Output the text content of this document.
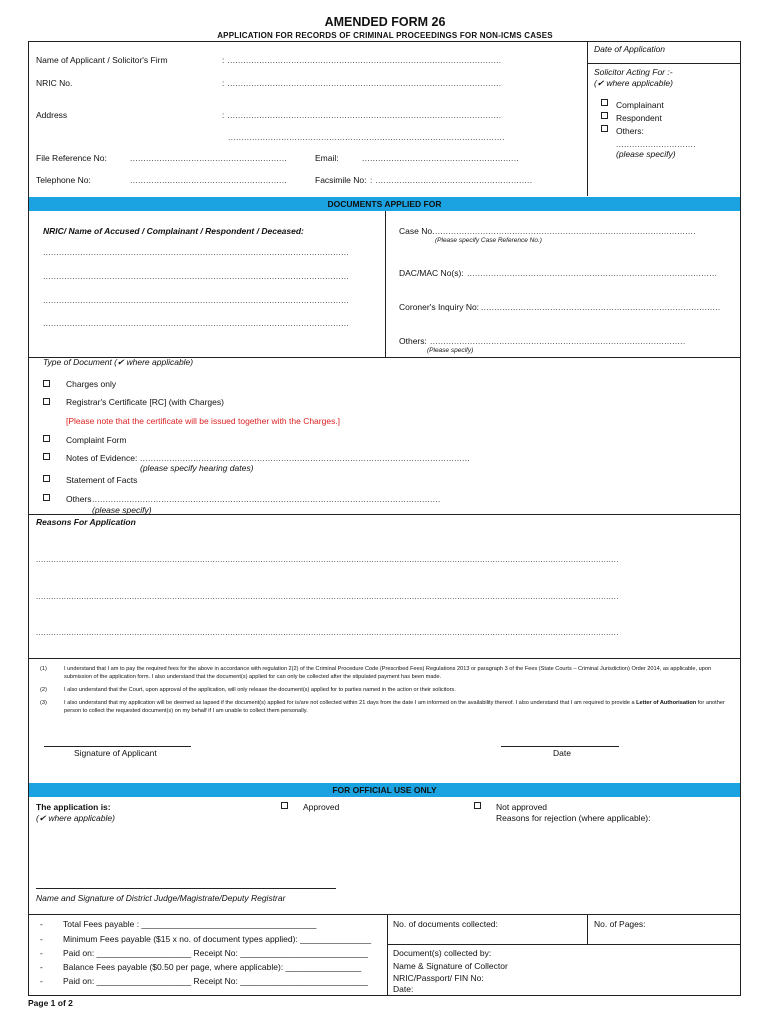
AMENDED FORM 26
APPLICATION FOR RECORDS OF CRIMINAL PROCEEDINGS FOR NON-ICMS CASES
Name of Applicant / Solicitor's Firm	: .......................................................................................................
NRIC No.	: .......................................................................................................
Address	: .......................................................................................................
........................................................................................................
File Reference No:	...........................................................	Email:	...........................................................
Telephone No:	...........................................................	Facsimile No: : ...........................................................
Date of Application
Solicitor Acting For :-
(✔ where applicable)
Complainant
Respondent
Others:
..............................
(please specify)
DOCUMENTS APPLIED FOR
NRIC/ Name of Accused / Complainant / Respondent / Deceased:
...................................................................................................................
...................................................................................................................
...................................................................................................................
...................................................................................................................
Case No. ..................................................................................................
(Please specify Case Reference No.)
DAC/MAC No(s): ..............................................................................................
Coroner's Inquiry No: ..........................................................................................
Others: ................................................................................................
(Please specify)
Type of Document (✔ where applicable)
Charges only
Registrar's Certificate [RC] (with Charges)
[Please note that the certificate will be issued together with the Charges.]
Complaint Form
Notes of Evidence: ............................................................................................................................
(please specify hearing dates)
Statement of Facts
Others ...................................................................................................................................
(please specify)
Reasons For Application
.......................................................................................................................................................................................................................................
.......................................................................................................................................................................................................................................
.......................................................................................................................................................................................................................................
(1)	I understand that I am to pay the required fees for the above in accordance with regulation 2(2) of the Criminal Procedure Code (Prescribed Fees) Regulations 2013 or paragraph 3 of the Fees (State Courts – Criminal Jurisdiction) Order 2014, as applicable, upon submission of the application form. I also understand that the document(s) applied for can only be collected after the stipulated payment has been made.
(2)	I also understand that the Court, upon approval of the application, will only release the document(s) applied for to parties named in the action or their solicitors.
(3)	I also understand that my application will be deemed as lapsed if the document(s) applied for is/are not collected within 21 days from the date I am informed on the availability thereof. I also understand that I am required to provide a Letter of Authorisation for another person to collect the requested document(s) on my behalf if I am unable to collect them personally.
Signature of Applicant	Date
FOR OFFICIAL USE ONLY
The application is:
(✔ where applicable)
Approved	Not approved
Reasons for rejection (where applicable):
Name and Signature of District Judge/Magistrate/Deputy Registrar
- Total Fees payable : _____________________________________
- Minimum Fees payable ($15 x no. of document types applied): _______________
- Paid on: ____________________ Receipt No: ___________________________
- Balance Fees payable ($0.50 per page, where applicable): ________________
- Paid on: ____________________ Receipt No: ___________________________
No. of documents collected:	No. of Pages:
Document(s) collected by:
Name & Signature of Collector
NRIC/Passport/ FIN No:
Date:
Page 1 of 2
